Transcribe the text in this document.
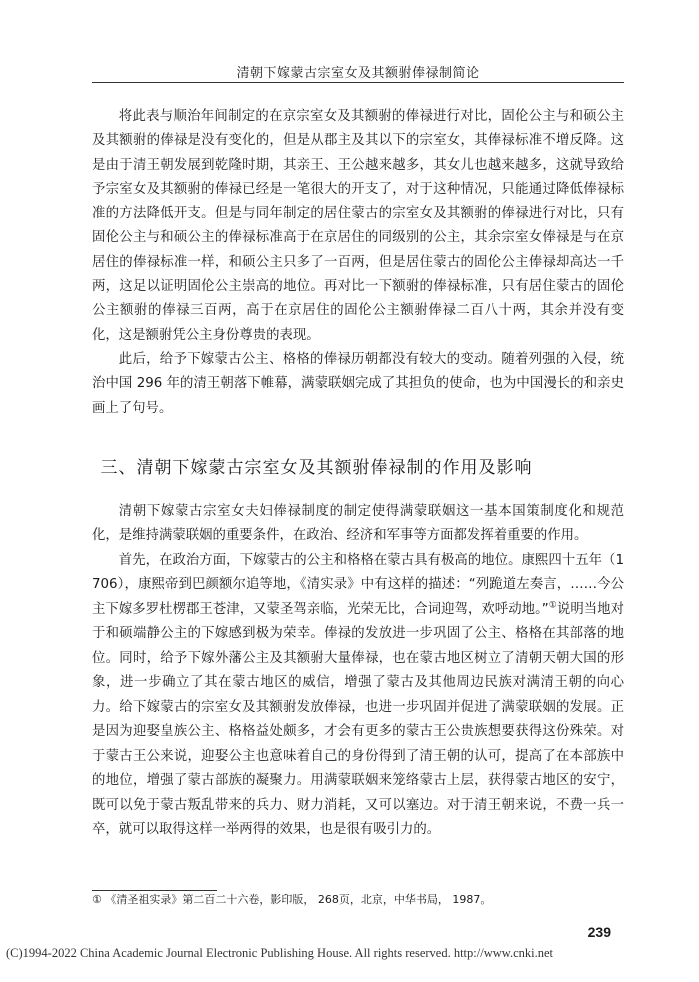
清朝下嫁蒙古宗室女及其额驸俸禄制简论

将此表与顺治年间制定的在京宗室女及其额驸的俸禄进行对比，固伦公主与和硕公主及其额驸的俸禄是没有变化的，但是从郡主及其以下的宗室女，其俸禄标准不增反降。这是由于清王朝发展到乾隆时期，其亲王、王公越来越多，其女儿也越来越多，这就导致给予宗室女及其额驸的俸禄已经是一笔很大的开支了，对于这种情况，只能通过降低俸禄标准的方法降低开支。但是与同年制定的居住蒙古的宗室女及其额驸的俸禄进行对比，只有固伦公主与和硕公主的俸禄标准高于在京居住的同级别的公主，其余宗室女俸禄是与在京居住的俸禄标准一样，和硕公主只多了一百两，但是居住蒙古的固伦公主俸禄却高达一千两，这足以证明固伦公主崇高的地位。再对比一下额驸的俸禄标准，只有居住蒙古的固伦公主额驸的俸禄三百两，高于在京居住的固伦公主额驸俸禄二百八十两，其余并没有变化，这是额驸凭公主身份尊贵的表现。

此后，给予下嫁蒙古公主、格格的俸禄历朝都没有较大的变动。随着列强的入侵，统治中国 296 年的清王朝落下帷幕，满蒙联姻完成了其担负的使命，也为中国漫长的和亲史画上了句号。

三、清朝下嫁蒙古宗室女及其额驸俸禄制的作用及影响

清朝下嫁蒙古宗室女夫妇俸禄制度的制定使得满蒙联姻这一基本国策制度化和规范化，是维持满蒙联姻的重要条件，在政治、经济和军事等方面都发挥着重要的作用。

首先，在政治方面，下嫁蒙古的公主和格格在蒙古具有极高的地位。康熙四十五年（1706），康熙帝到巴颜额尔追等地，《清实录》中有这样的描述：“列跪道左奏言，……今公主下嫁多罗杜楞郡王苍津，又蒙圣驾亲临，光荣无比，合词迎驾，欢呼动地。”①说明当地对于和硕端静公主的下嫁感到极为荣幸。俸禄的发放进一步巩固了公主、格格在其部落的地位。同时，给予下嫁外藩公主及其额驸大量俸禄，也在蒙古地区树立了清朝天朝大国的形象，进一步确立了其在蒙古地区的威信，增强了蒙古及其他周边民族对满清王朝的向心力。给下嫁蒙古的宗室女及其额驸发放俸禄，也进一步巩固并促进了满蒙联姻的发展。正是因为迎娶皇族公主、格格益处颇多，才会有更多的蒙古王公贵族想要获得这份殊荣。对于蒙古王公来说，迎娶公主也意味着自己的身份得到了清王朝的认可，提高了在本部族中的地位，增强了蒙古部族的凝聚力。用满蒙联姻来笼络蒙古上层，获得蒙古地区的安宁，既可以免于蒙古叛乱带来的兵力、财力消耗，又可以塞边。对于清王朝来说，不费一兵一卒，就可以取得这样一举两得的效果，也是很有吸引力的。

① 《清圣祖实录》第二百二十六卷，影印版， 268页，北京，中华书局， 1987。
239
(C)1994-2022 China Academic Journal Electronic Publishing House. All rights reserved. http://www.cnki.net
